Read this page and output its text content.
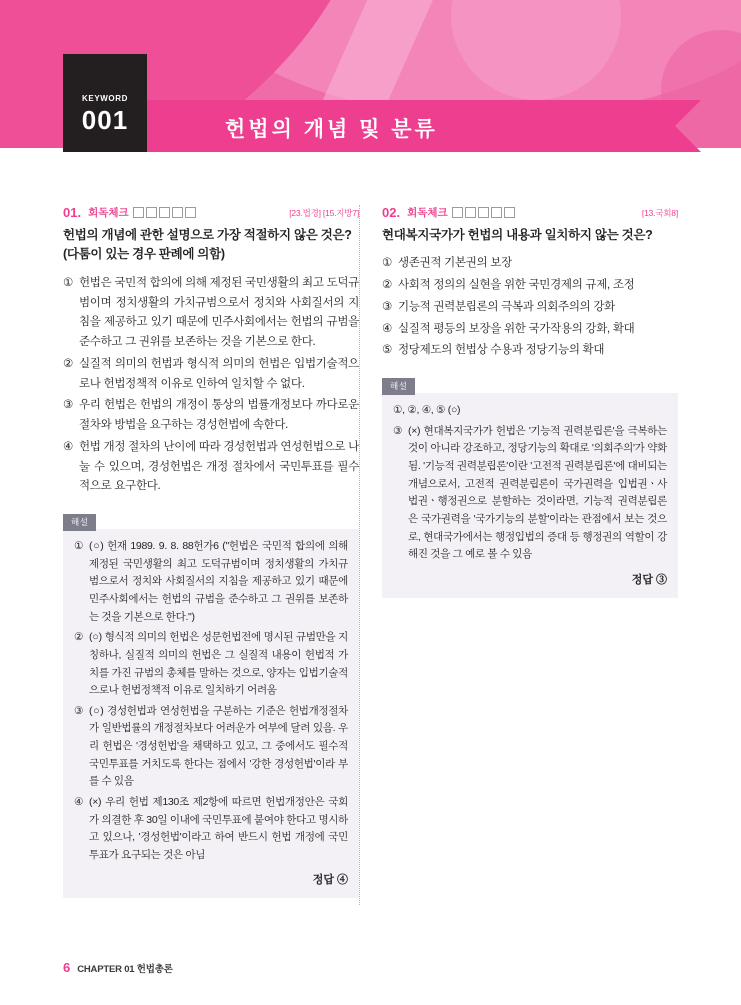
헌법의 개념 및 분류
KEYWORD
001
01. 회독체크	[23.법경] [15.지방7]
헌법의 개념에 관한 설명으로 가장 적절하지 않은 것은? (다툼이 있는 경우 판례에 의함)
① 헌법은 국민적 합의에 의해 제정된 국민생활의 최고 도덕규범이며 정치생활의 가치규범으로서 정치와 사회질서의 지침을 제공하고 있기 때문에 민주사회에서는 헌법의 규범을 준수하고 그 권위를 보존하는 것을 기본으로 한다.
② 실질적 의미의 헌법과 형식적 의미의 헌법은 입법기술적으로나 헌법정책적 이유로 인하여 일치할 수 없다.
③ 우리 헌법은 헌법의 개정이 통상의 법률개정보다 까다로운 절차와 방법을 요구하는 경성헌법에 속한다.
④ 헌법 개정 절차의 난이에 따라 경성헌법과 연성헌법으로 나눌 수 있으며, 경성헌법은 개정 절차에서 국민투표를 필수적으로 요구한다.
해설
① (○) 헌재 1989. 9. 8. 88헌가6 ("헌법은 국민적 합의에 의해 제정된 국민생활의 최고 도덕규범이며 정치생활의 가치규범으로서 정치와 사회질서의 지침을 제공하고 있기 때문에 민주사회에서는 헌법의 규범을 준수하고 그 권위를 보존하는 것을 기본으로 한다.")
② (○) 형식적 의미의 헌법은 성문헌법전에 명시된 규범만을 지칭하나, 실질적 의미의 헌법은 그 실질적 내용이 헌법적 가치를 가진 규범의 총체를 말하는 것으로, 양자는 입법기술적으로나 헌법정책적 이유로 일치하기 어려움
③ (○) 경성헌법과 연성헌법을 구분하는 기준은 헌법개정절차가 일반법률의 개정절차보다 어려운가 여부에 달려 있음. 우리 헌법은 '경성헌법'을 채택하고 있고, 그 중에서도 필수적 국민투표를 거치도록 한다는 점에서 '강한 경성헌법'이라 부를 수 있음
④ (×) 우리 헌법 제130조 제2항에 따르면 헌법개정안은 국회가 의결한 후 30일 이내에 국민투표에 붙여야 한다고 명시하고 있으나, '경성헌법'이라고 하여 반드시 헌법 개정에 국민투표가 요구되는 것은 아님
정답 ④
02. 회독체크	[13.국회8]
현대복지국가가 헌법의 내용과 일치하지 않는 것은?
① 생존권적 기본권의 보장
② 사회적 정의의 실현을 위한 국민경제의 규제, 조정
③ 기능적 권력분립론의 극복과 의회주의의 강화
④ 실질적 평등의 보장을 위한 국가작용의 강화, 확대
⑤ 정당제도의 헌법상 수용과 정당기능의 확대
해설

①, ②, ④, ⑤ (○)

③ (×) 현대복지국가가 헌법은 '기능적 권력분립론'을 극복하는 것이 아니라 강조하고, 정당기능의 확대로 '의회주의'가 약화됨. '기능적 권력분립론'이란 '고전적 권력분립론'에 대비되는 개념으로서, 고전적 권력분립론이 국가권력을 입법권ㆍ사법권ㆍ행정권으로 분할하는 것이라면, 기능적 권력분립론은 국가권력을 '국가기능의 분할'이라는 관점에서 보는 것으로, 현대국가에서는 행정입법의 증대 등 행정권의 역할이 강해진 것을 그 예로 볼 수 있음
정답 ③
6 CHAPTER 01 헌법총론
